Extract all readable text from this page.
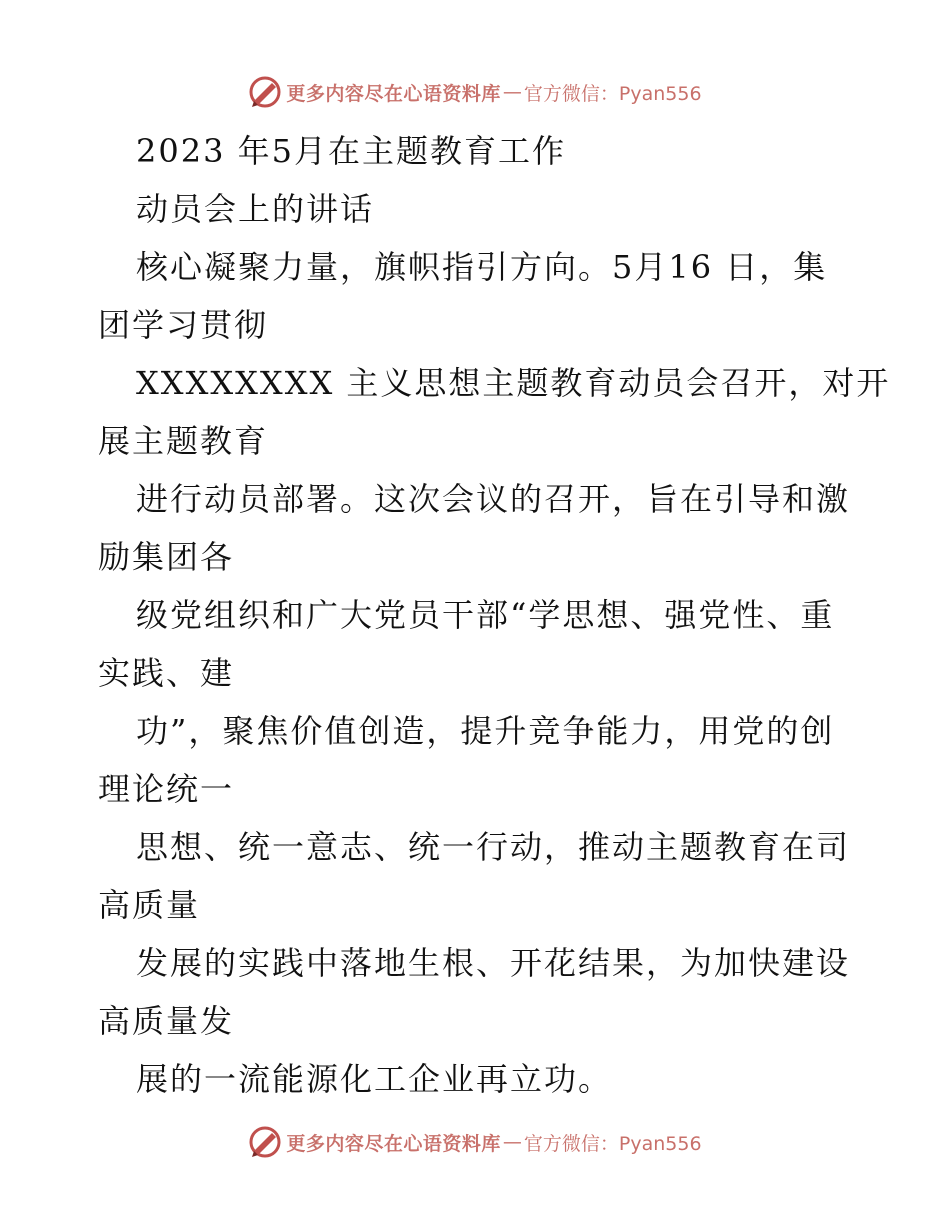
更多内容尽在心语资料库 — 官方微信：Pyan556
2023 年5月在主题教育工作
动员会上的讲话
核心凝聚力量，旗帜指引方向。5月16 日，集
团学习贯彻
XXXXXXXX 主义思想主题教育动员会召开，对开
展主题教育
进行动员部署。这次会议的召开，旨在引导和激
励集团各
级党组织和广大党员干部“学思想、强党性、重
实践、建
功”，聚焦价值创造，提升竞争能力，用党的创
理论统一
思想、统一意志、统一行动，推动主题教育在司
高质量
发展的实践中落地生根、开花结果，为加快建设
高质量发
展的一流能源化工企业再立功。
更多内容尽在心语资料库 — 官方微信：Pyan556
